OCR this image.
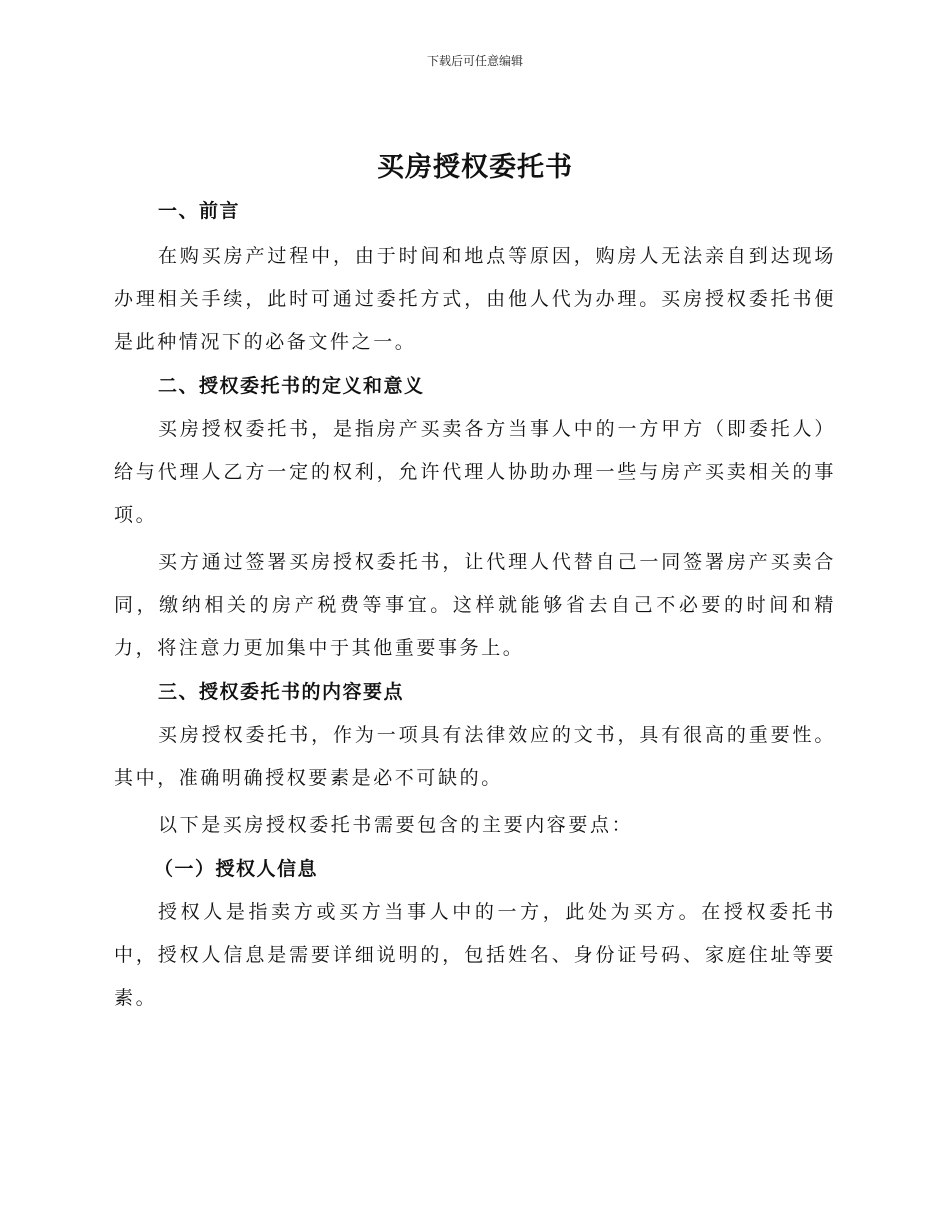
下载后可任意编辑
买房授权委托书
一、前言

在购买房产过程中，由于时间和地点等原因，购房人无法亲自到达现场办理相关手续，此时可通过委托方式，由他人代为办理。买房授权委托书便是此种情况下的必备文件之一。

二、授权委托书的定义和意义

买房授权委托书，是指房产买卖各方当事人中的一方甲方（即委托人）给与代理人乙方一定的权利，允许代理人协助办理一些与房产买卖相关的事项。

买方通过签署买房授权委托书，让代理人代替自己一同签署房产买卖合同，缴纳相关的房产税费等事宜。这样就能够省去自己不必要的时间和精力，将注意力更加集中于其他重要事务上。

三、授权委托书的内容要点

买房授权委托书，作为一项具有法律效应的文书，具有很高的重要性。其中，准确明确授权要素是必不可缺的。

以下是买房授权委托书需要包含的主要内容要点：

（一）授权人信息

授权人是指卖方或买方当事人中的一方，此处为买方。在授权委托书中，授权人信息是需要详细说明的，包括姓名、身份证号码、家庭住址等要素。
